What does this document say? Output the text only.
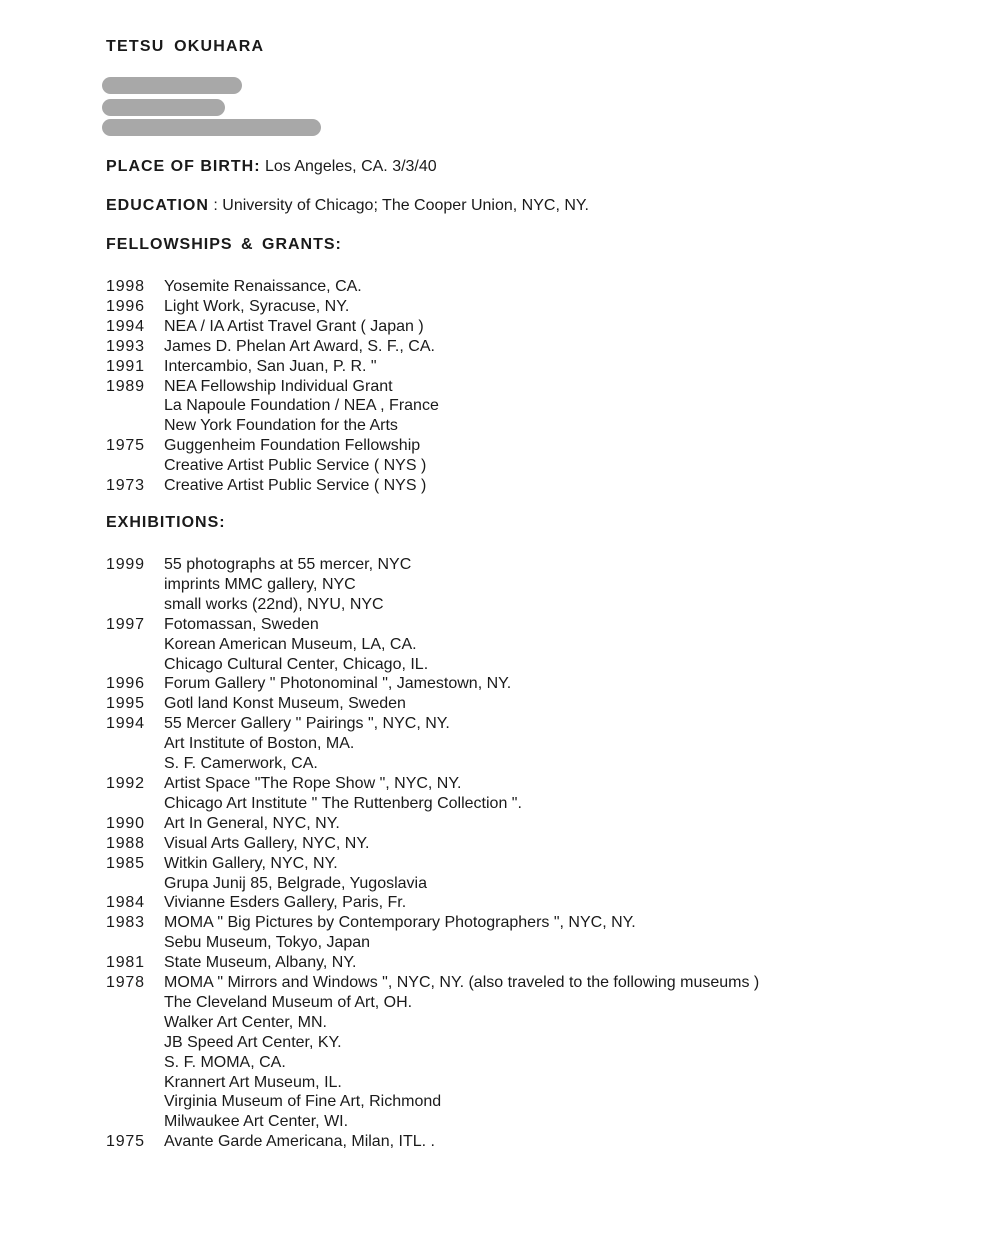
TETSU OKUHARA
PLACE OF BIRTH: Los Angeles, CA. 3/3/40
EDUCATION : University of Chicago; The Cooper Union, NYC, NY.
FELLOWSHIPS & GRANTS:
1998	Yosemite Renaissance, CA.
1996	Light Work, Syracuse, NY.
1994	NEA / IA Artist Travel Grant ( Japan )
1993	James D. Phelan Art Award, S. F., CA.
1991	Intercambio, San Juan, P. R. "
1989	NEA Fellowship Individual Grant
La Napoule Foundation / NEA , France
New York Foundation for the Arts
1975	Guggenheim Foundation Fellowship
Creative Artist Public Service ( NYS )
1973	Creative Artist Public Service ( NYS )
EXHIBITIONS:
1999	55 photographs at 55 mercer, NYC
imprints MMC gallery, NYC
small works (22nd), NYU, NYC
1997	Fotomassan, Sweden
Korean American Museum, LA, CA.
Chicago Cultural Center, Chicago, IL.
1996	Forum Gallery " Photonominal ", Jamestown, NY.
1995	Gotl land Konst Museum, Sweden
1994	55 Mercer Gallery " Pairings ", NYC, NY.
Art Institute of Boston, MA.
S. F. Camerwork, CA.
1992	Artist Space "The Rope Show ", NYC, NY.
Chicago Art Institute " The Ruttenberg Collection ".
1990	Art In General, NYC, NY.
1988	Visual Arts Gallery, NYC, NY.
1985	Witkin Gallery, NYC, NY.
Grupa Junij 85, Belgrade, Yugoslavia
1984	Vivianne Esders Gallery, Paris, Fr.
1983	MOMA " Big Pictures by Contemporary Photographers ", NYC, NY.
Sebu Museum, Tokyo, Japan
1981	State Museum, Albany, NY.
1978	MOMA " Mirrors and Windows ", NYC, NY. (also traveled to the following museums )
The Cleveland Museum of Art, OH.
Walker Art Center, MN.
JB Speed Art Center, KY.
S. F. MOMA, CA.
Krannert Art Museum, IL.
Virginia Museum of Fine Art, Richmond
Milwaukee Art Center, WI.
1975	Avante Garde Americana, Milan, ITL. .
